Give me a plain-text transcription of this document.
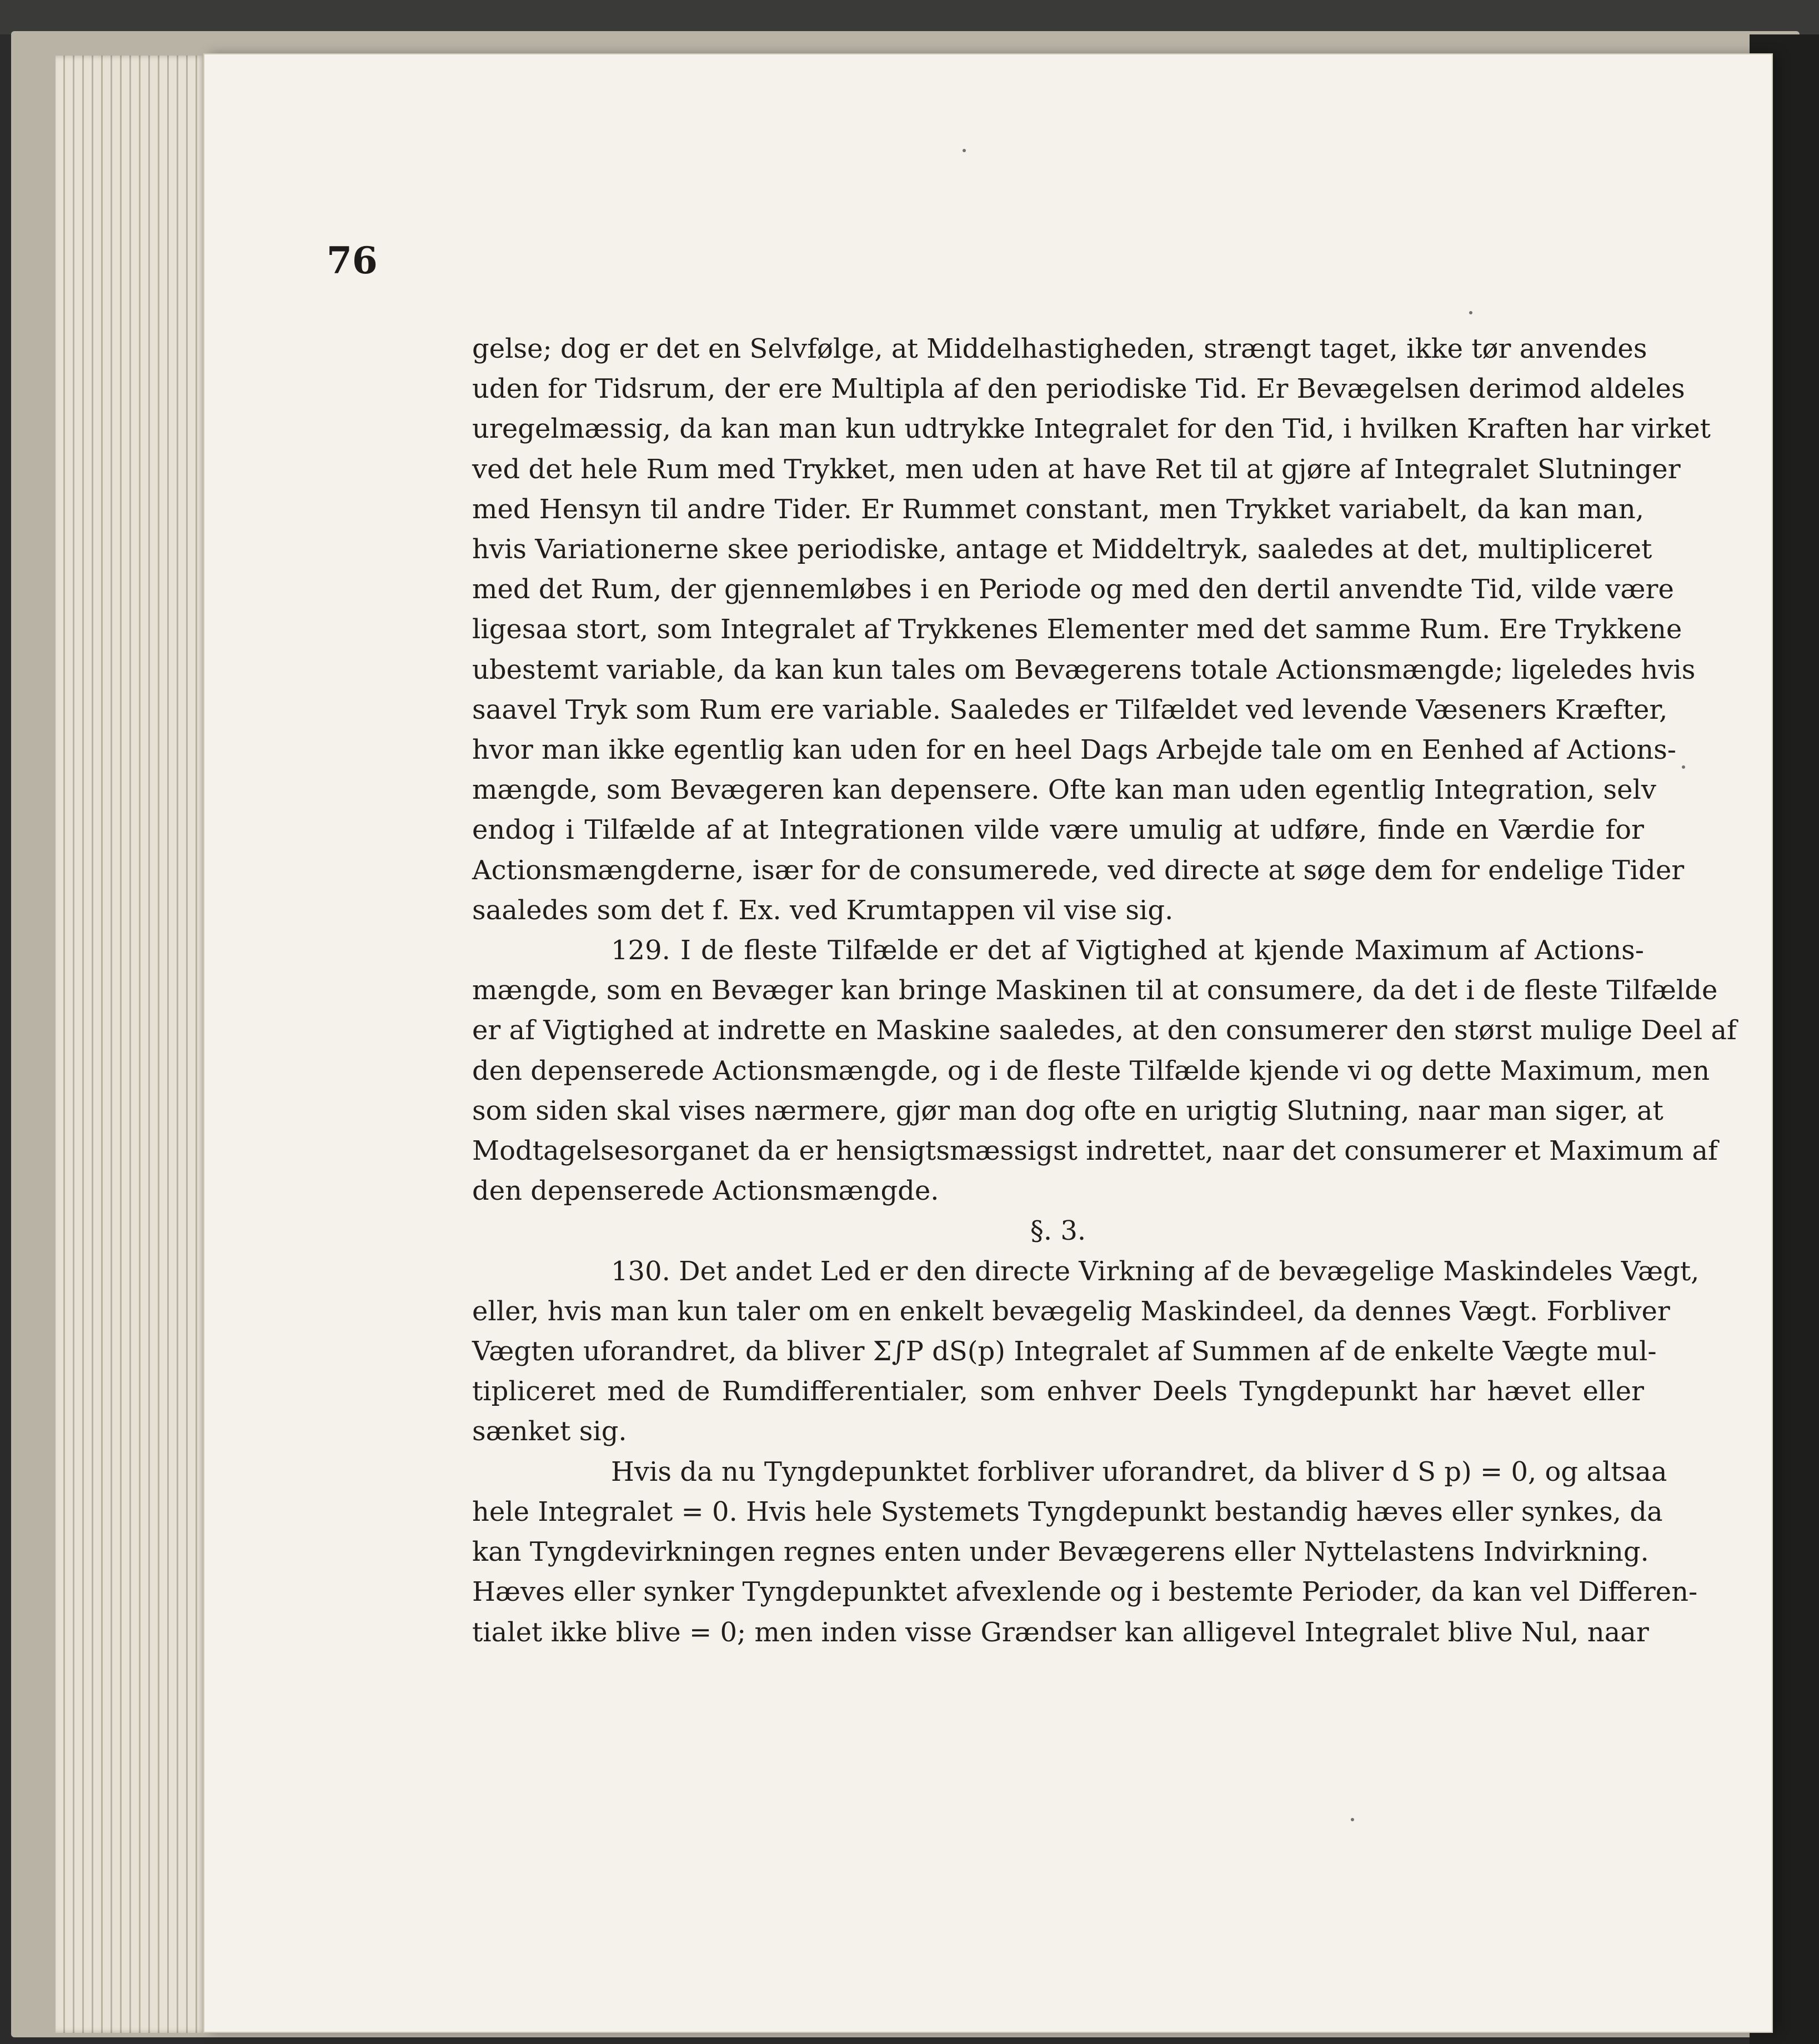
76
gelse; dog er det en Selvfølge, at Middelhastigheden, strængt taget, ikke tør anvendes
uden for Tidsrum, der ere Multipla af den periodiske Tid. Er Bevægelsen derimod aldeles
uregelmæssig, da kan man kun udtrykke Integralet for den Tid, i hvilken Kraften har virket
ved det hele Rum med Trykket, men uden at have Ret til at gjøre af Integralet Slutninger
med Hensyn til andre Tider. Er Rummet constant, men Trykket variabelt, da kan man,
hvis Variationerne skee periodiske, antage et Middeltryk, saaledes at det, multipliceret
med det Rum, der gjennemløbes i en Periode og med den dertil anvendte Tid, vilde være
ligesaa stort, som Integralet af Trykkenes Elementer med det samme Rum. Ere Trykkene
ubestemt variable, da kan kun tales om Bevægerens totale Actionsmængde; ligeledes hvis
saavel Tryk som Rum ere variable. Saaledes er Tilfældet ved levende Væseners Kræfter,
hvor man ikke egentlig kan uden for en heel Dags Arbejde tale om en Eenhed af Actions-
mængde, som Bevægeren kan depensere. Ofte kan man uden egentlig Integration, selv
endog i Tilfælde af at Integrationen vilde være umulig at udføre, finde en Værdie for
Actionsmængderne, især for de consumerede, ved directe at søge dem for endelige Tider
saaledes som det f. Ex. ved Krumtappen vil vise sig.
129. I de fleste Tilfælde er det af Vigtighed at kjende Maximum af Actions-
mængde, som en Bevæger kan bringe Maskinen til at consumere, da det i de fleste Tilfælde
er af Vigtighed at indrette en Maskine saaledes, at den consumerer den størst mulige Deel af
den depenserede Actionsmængde, og i de fleste Tilfælde kjende vi og dette Maximum, men
som siden skal vises nærmere, gjør man dog ofte en urigtig Slutning, naar man siger, at
Modtagelsesorganet da er hensigtsmæssigst indrettet, naar det consumerer et Maximum af
den depenserede Actionsmængde.
§. 3.
130. Det andet Led er den directe Virkning af de bevægelige Maskindeles Vægt,
eller, hvis man kun taler om en enkelt bevægelig Maskindeel, da dennes Vægt. Forbliver
Vægten uforandret, da bliver Σ∫P dS(p) Integralet af Summen af de enkelte Vægte mul-
tipliceret med de Rumdifferentialer, som enhver Deels Tyngdepunkt har hævet eller
sænket sig.
Hvis da nu Tyngdepunktet forbliver uforandret, da bliver d S p) = 0, og altsaa
hele Integralet = 0. Hvis hele Systemets Tyngdepunkt bestandig hæves eller synkes, da
kan Tyngdevirkningen regnes enten under Bevægerens eller Nyttelastens Indvirkning.
Hæves eller synker Tyngdepunktet afvexlende og i bestemte Perioder, da kan vel Differen-
tialet ikke blive = 0; men inden visse Grændser kan alligevel Integralet blive Nul, naar
